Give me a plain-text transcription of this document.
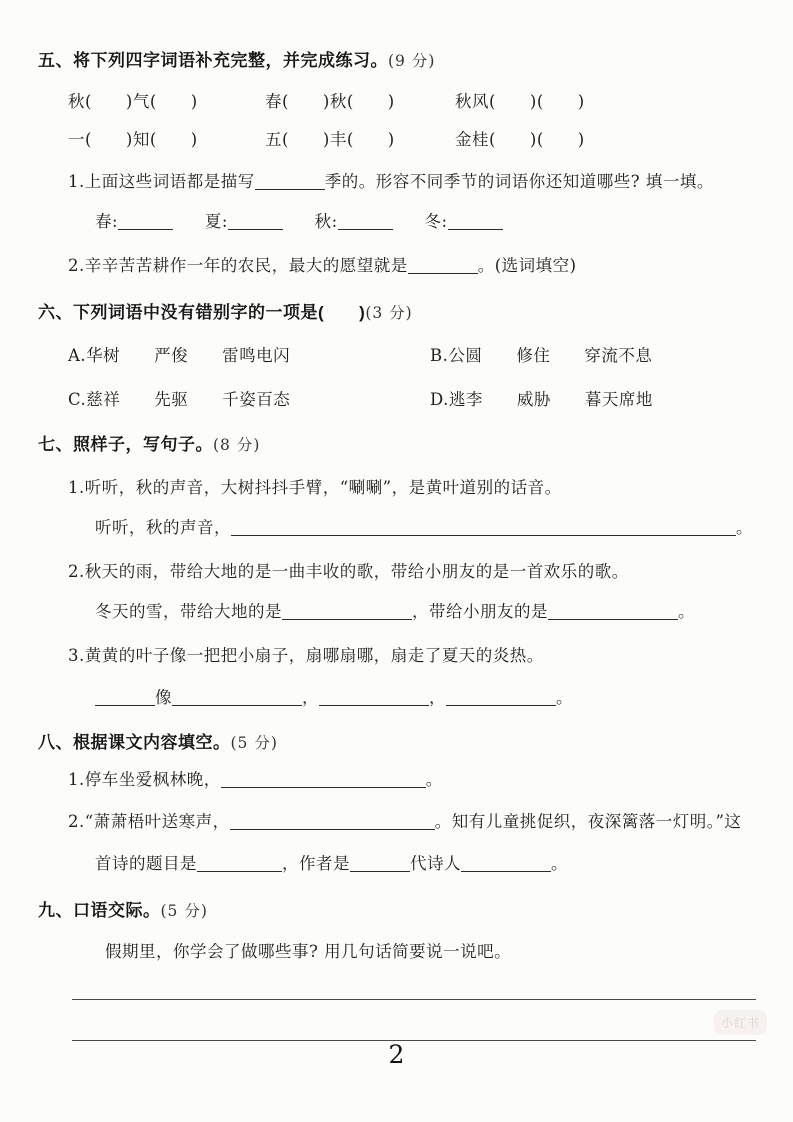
五、将下列四字词语补充完整，并完成练习。(9 分)
秋(　　)气(　　)	春(　　)秋(　　)	秋风(　　)(　　)
一(　　)知(　　)	五(　　)丰(　　)	金桂(　　)(　　)
1.上面这些词语都是描写	季的。形容不同季节的词语你还知道哪些? 填一填。
春:	夏:	秋:	冬:
2.辛辛苦苦耕作一年的农民，最大的愿望就是	。(选词填空)
六、下列词语中没有错别字的一项是(　　)(3 分)
A.华树　　严俊　　雷鸣电闪	B.公圆　　修住　　穿流不息
C.慈祥　　先驱　　千姿百态	D.逃李　　威胁　　暮天席地
七、照样子，写句子。(8 分)
1.听听，秋的声音，大树抖抖手臂，“唰唰”，是黄叶道别的话音。
听听，秋的声音，	。
2.秋天的雨，带给大地的是一曲丰收的歌，带给小朋友的是一首欢乐的歌。
冬天的雪，带给大地的是	，带给小朋友的是	。
3.黄黄的叶子像一把把小扇子，扇哪扇哪，扇走了夏天的炎热。
像	，	，	。
八、根据课文内容填空。(5 分)
1.停车坐爱枫林晚，	。
2.“萧萧梧叶送寒声，	。知有儿童挑促织，夜深篱落一灯明。”这
首诗的题目是	，作者是	代诗人	。
九、口语交际。(5 分)
假期里，你学会了做哪些事? 用几句话简要说一说吧。
2
小红书
